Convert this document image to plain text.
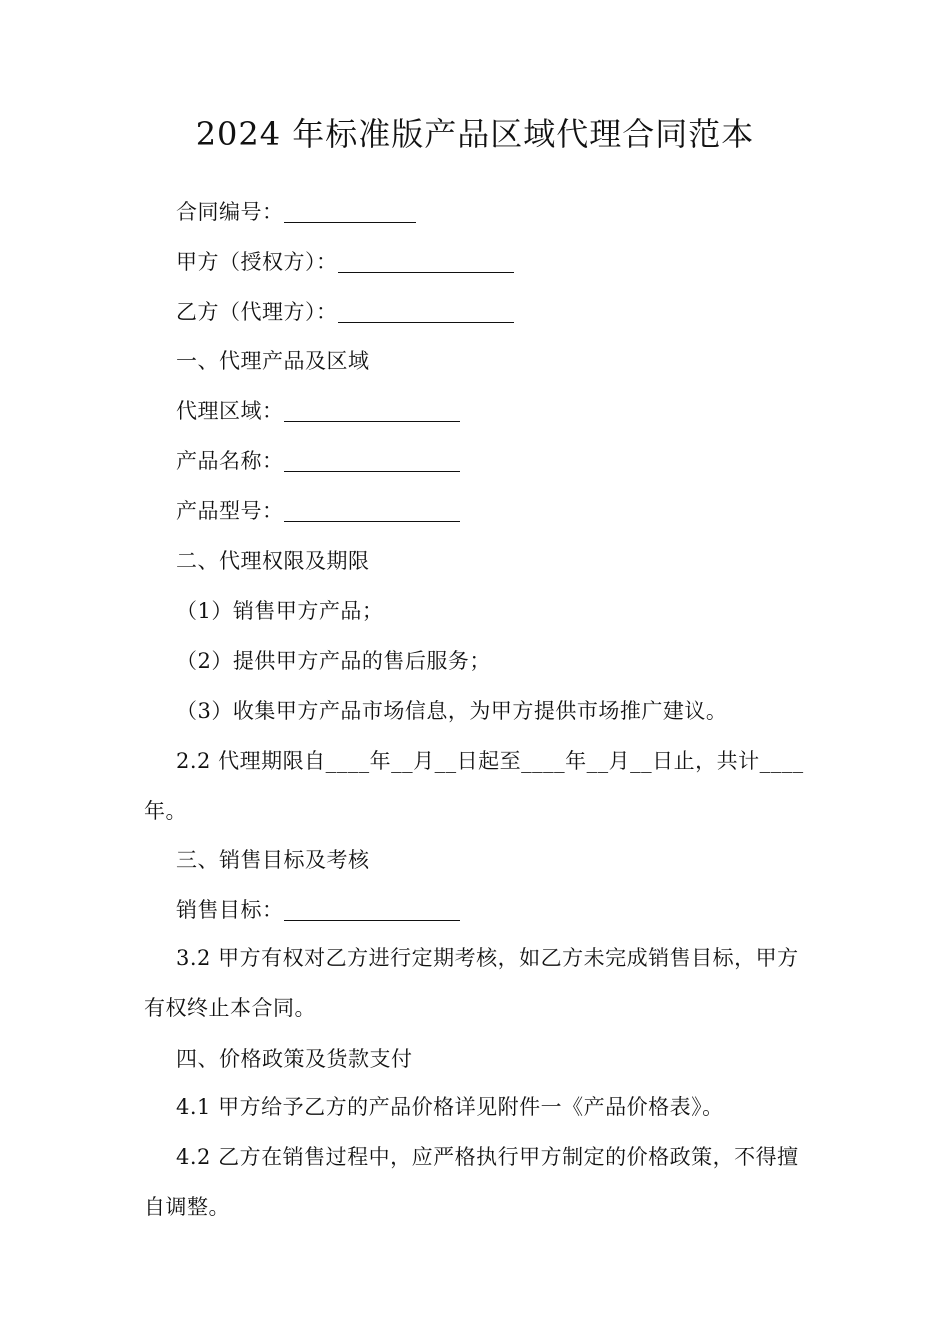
2024 年标准版产品区域代理合同范本
合同编号：
甲方（授权方）：
乙方（代理方）：
一、代理产品及区域
代理区域：
产品名称：
产品型号：
二、代理权限及期限
（1）销售甲方产品；
（2）提供甲方产品的售后服务；
（3）收集甲方产品市场信息，为甲方提供市场推广建议。
2.2 代理期限自____年__月__日起至____年__月__日止，共计____年。
三、销售目标及考核
销售目标：
3.2 甲方有权对乙方进行定期考核，如乙方未完成销售目标，甲方有权终止本合同。
四、价格政策及货款支付
4.1 甲方给予乙方的产品价格详见附件一《产品价格表》。
4.2 乙方在销售过程中，应严格执行甲方制定的价格政策，不得擅自调整。
